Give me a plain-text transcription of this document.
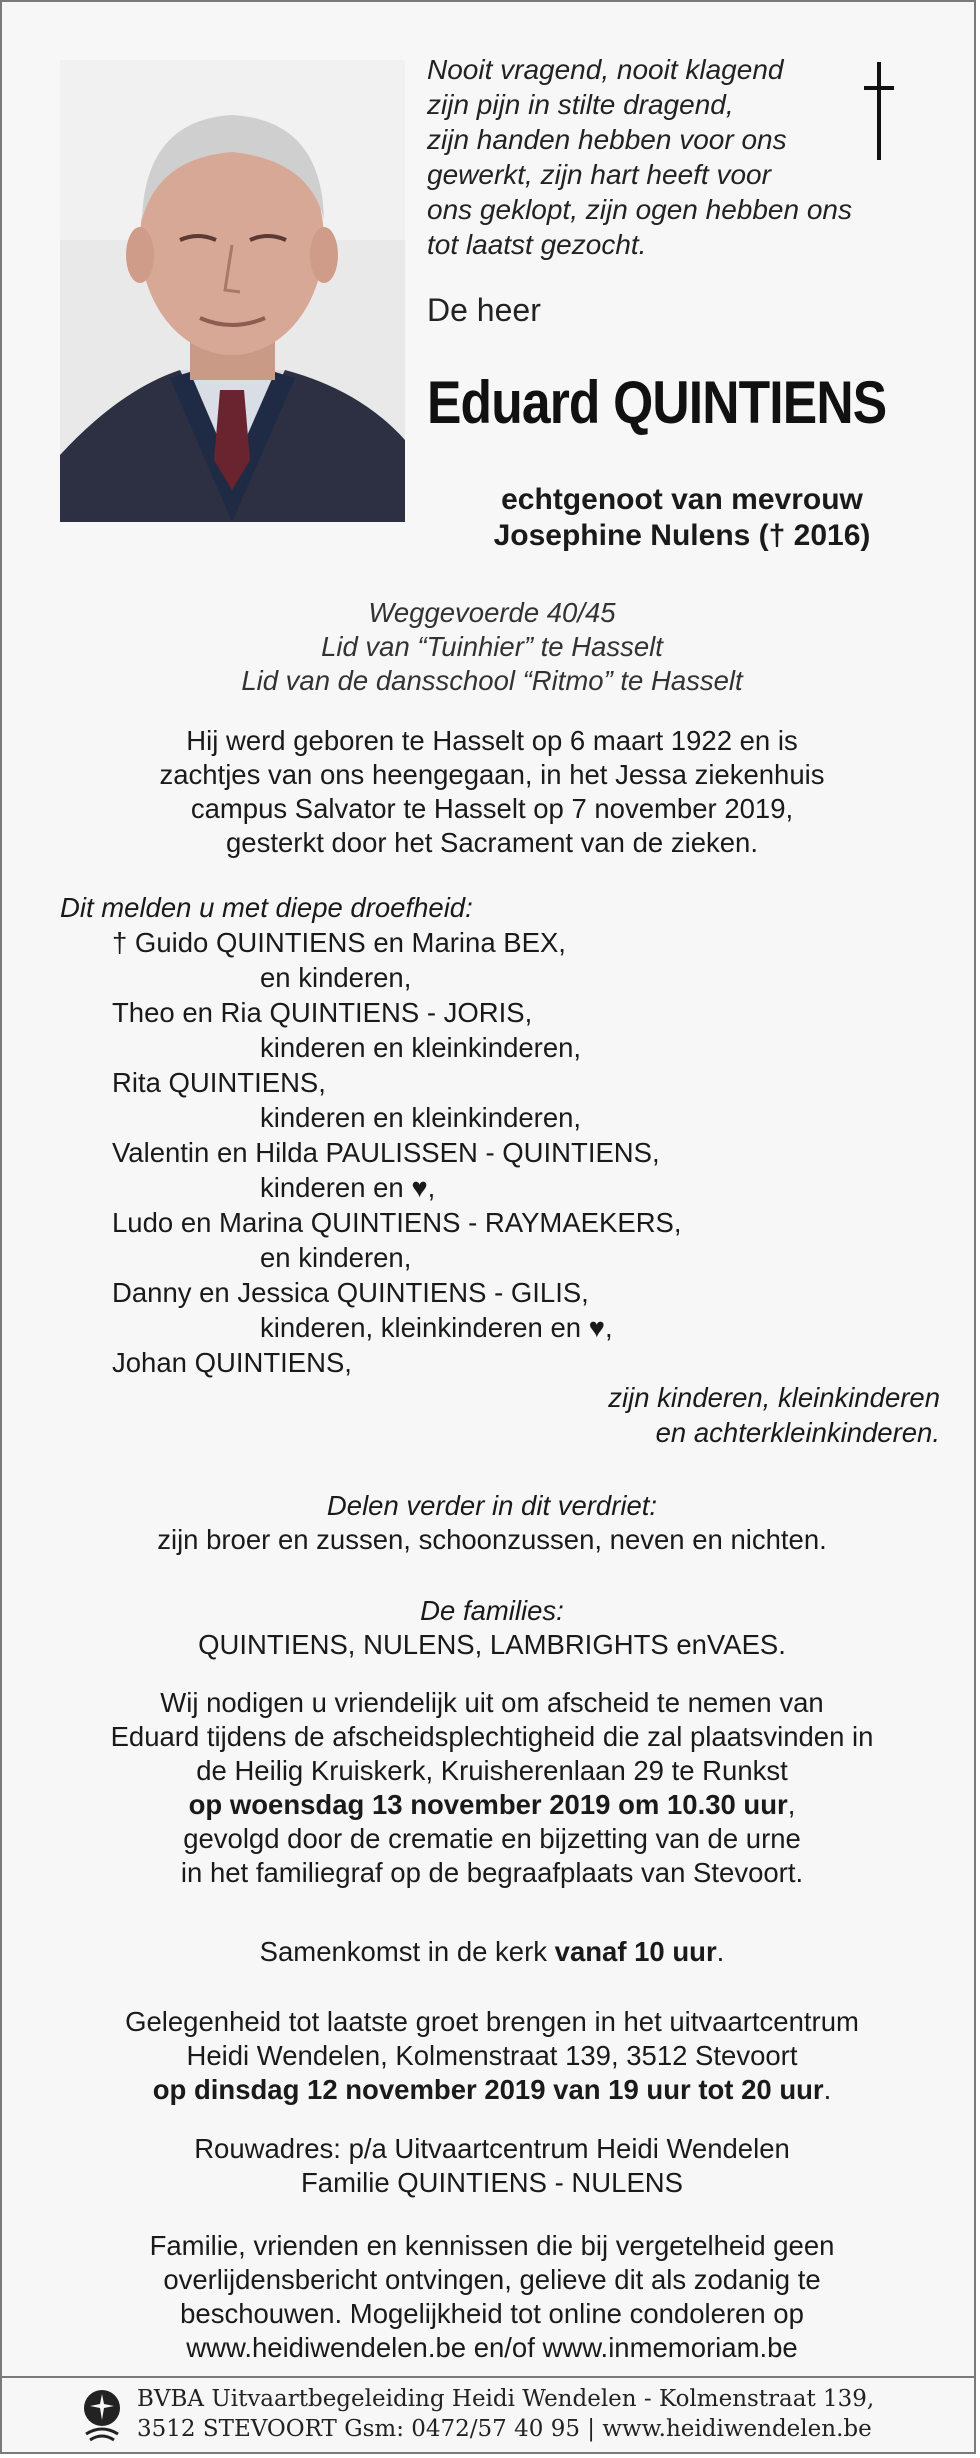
Nooit vragend, nooit klagend
zijn pijn in stilte dragend,
zijn handen hebben voor ons
gewerkt, zijn hart heeft voor
ons geklopt, zijn ogen hebben ons
tot laatst gezocht.
De heer
Eduard QUINTIENS
echtgenoot van mevrouw
Josephine Nulens († 2016)
Weggevoerde 40/45
Lid van “Tuinhier” te Hasselt
Lid van de dansschool “Ritmo” te Hasselt
Hij werd geboren te Hasselt op 6 maart 1922 en is
zachtjes van ons heengegaan, in het Jessa ziekenhuis
campus Salvator te Hasselt op 7 november 2019,
gesterkt door het Sacrament van de zieken.
Dit melden u met diepe droefheid:
† Guido QUINTIENS en Marina BEX,
en kinderen,
Theo en Ria QUINTIENS - JORIS,
kinderen en kleinkinderen,
Rita QUINTIENS,
kinderen en kleinkinderen,
Valentin en Hilda PAULISSEN - QUINTIENS,
kinderen en ♥,
Ludo en Marina QUINTIENS - RAYMAEKERS,
en kinderen,
Danny en Jessica QUINTIENS - GILIS,
kinderen, kleinkinderen en ♥,
Johan QUINTIENS,
zijn kinderen, kleinkinderen
en achterkleinkinderen.
Delen verder in dit verdriet:
zijn broer en zussen, schoonzussen, neven en nichten.
De families:
QUINTIENS, NULENS, LAMBRIGHTS enVAES.
Wij nodigen u vriendelijk uit om afscheid te nemen van
Eduard tijdens de afscheidsplechtigheid die zal plaatsvinden in
de Heilig Kruiskerk, Kruisherenlaan 29 te Runkst
op woensdag 13 november 2019 om 10.30 uur,
gevolgd door de crematie en bijzetting van de urne
in het familiegraf op de begraafplaats van Stevoort.
Samenkomst in de kerk vanaf 10 uur.
Gelegenheid tot laatste groet brengen in het uitvaartcentrum
Heidi Wendelen, Kolmenstraat 139, 3512 Stevoort
op dinsdag 12 november 2019 van 19 uur tot 20 uur.
Rouwadres: p/a Uitvaartcentrum Heidi Wendelen
Familie QUINTIENS - NULENS
Familie, vrienden en kennissen die bij vergetelheid geen
overlijdensbericht ontvingen, gelieve dit als zodanig te
beschouwen. Mogelijkheid tot online condoleren op
www.heidiwendelen.be en/of www.inmemoriam.be
BVBA Uitvaartbegeleiding Heidi Wendelen - Kolmenstraat 139,
3512 STEVOORT Gsm: 0472/57 40 95 | www.heidiwendelen.be
